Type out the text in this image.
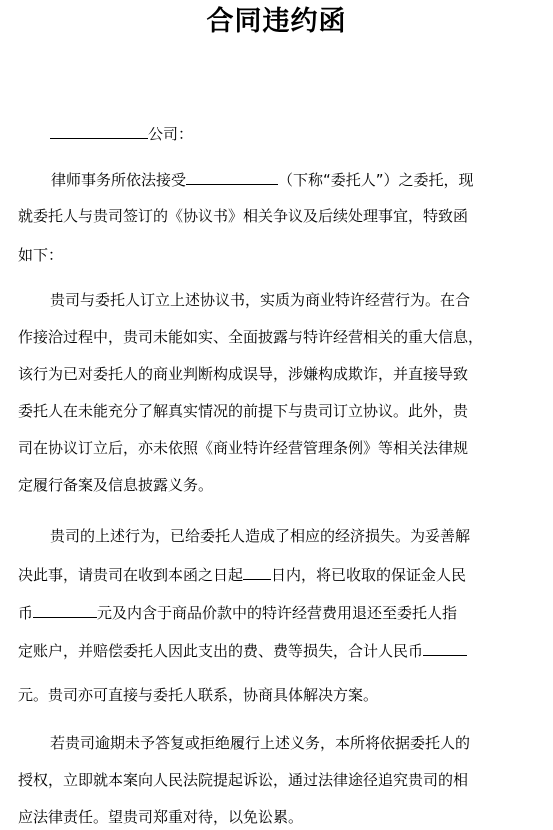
合同违约函
公司：
律师事务所依法接受	（下称“委托人”）之委托，现
就委托人与贵司签订的《协议书》相关争议及后续处理事宜，特致函
如下：
贵司与委托人订立上述协议书，实质为商业特许经营行为。在合
作接洽过程中，贵司未能如实、全面披露与特许经营相关的重大信息，
该行为已对委托人的商业判断构成误导，涉嫌构成欺诈，并直接导致
委托人在未能充分了解真实情况的前提下与贵司订立协议。此外，贵
司在协议订立后，亦未依照《商业特许经营管理条例》等相关法律规
定履行备案及信息披露义务。
贵司的上述行为，已给委托人造成了相应的经济损失。为妥善解
决此事，请贵司在收到本函之日起 日内，将已收取的保证金人民
币	元及内含于商品价款中的特许经营费用退还至委托人指
定账户，并赔偿委托人因此支出的费、费等损失，合计人民币
元。贵司亦可直接与委托人联系，协商具体解决方案。
若贵司逾期未予答复或拒绝履行上述义务，本所将依据委托人的
授权，立即就本案向人民法院提起诉讼，通过法律途径追究贵司的相
应法律责任。望贵司郑重对待，以免讼累。
